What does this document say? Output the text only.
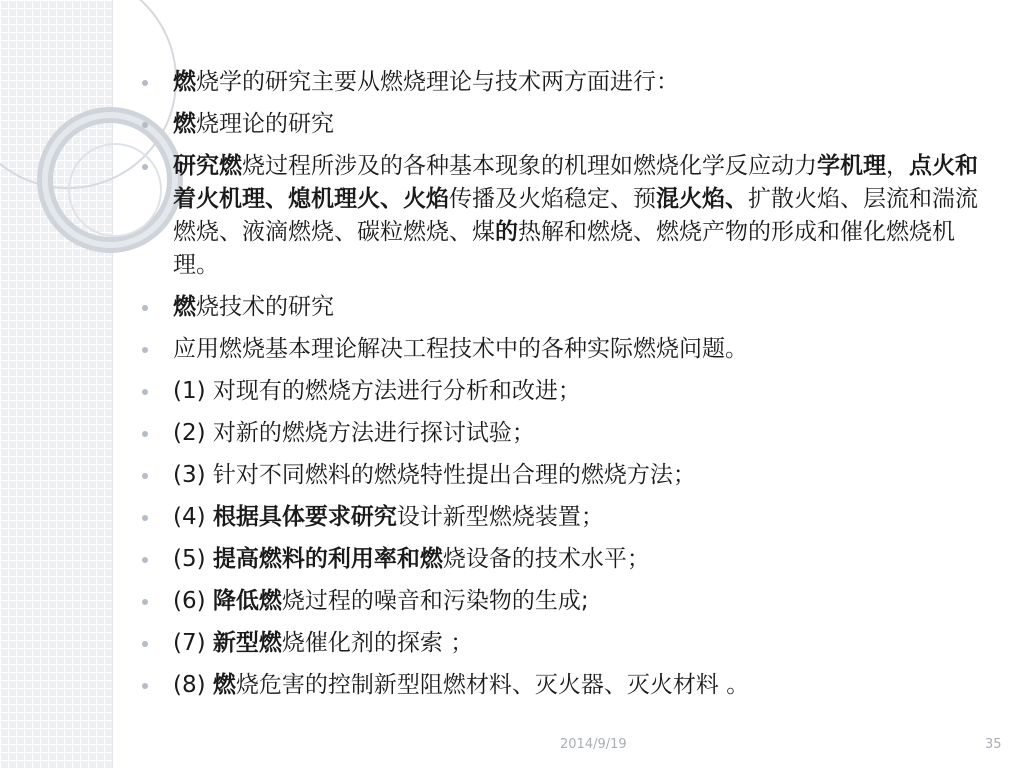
燃烧学的研究主要从燃烧理论与技术两方面进行：
燃烧理论的研究
研究燃烧过程所涉及的各种基本现象的机理如燃烧化学反应动力学机理，点火和着火机理、熄机理火、火焰传播及火焰稳定、预混火焰、扩散火焰、层流和湍流燃烧、液滴燃烧、碳粒燃烧、煤的热解和燃烧、燃烧产物的形成和催化燃烧机理。
燃烧技术的研究
应用燃烧基本理论解决工程技术中的各种实际燃烧问题。
(1) 对现有的燃烧方法进行分析和改进；
(2) 对新的燃烧方法进行探讨试验；
(3) 针对不同燃料的燃烧特性提出合理的燃烧方法；
(4) 根据具体要求研究设计新型燃烧装置；
(5) 提高燃料的利用率和燃烧设备的技术水平；
(6) 降低燃烧过程的噪音和污染物的生成;
(7) 新型燃烧催化剂的探索 ；
(8) 燃烧危害的控制新型阻燃材料、灭火器、灭火材料 。
2014/9/19	35
